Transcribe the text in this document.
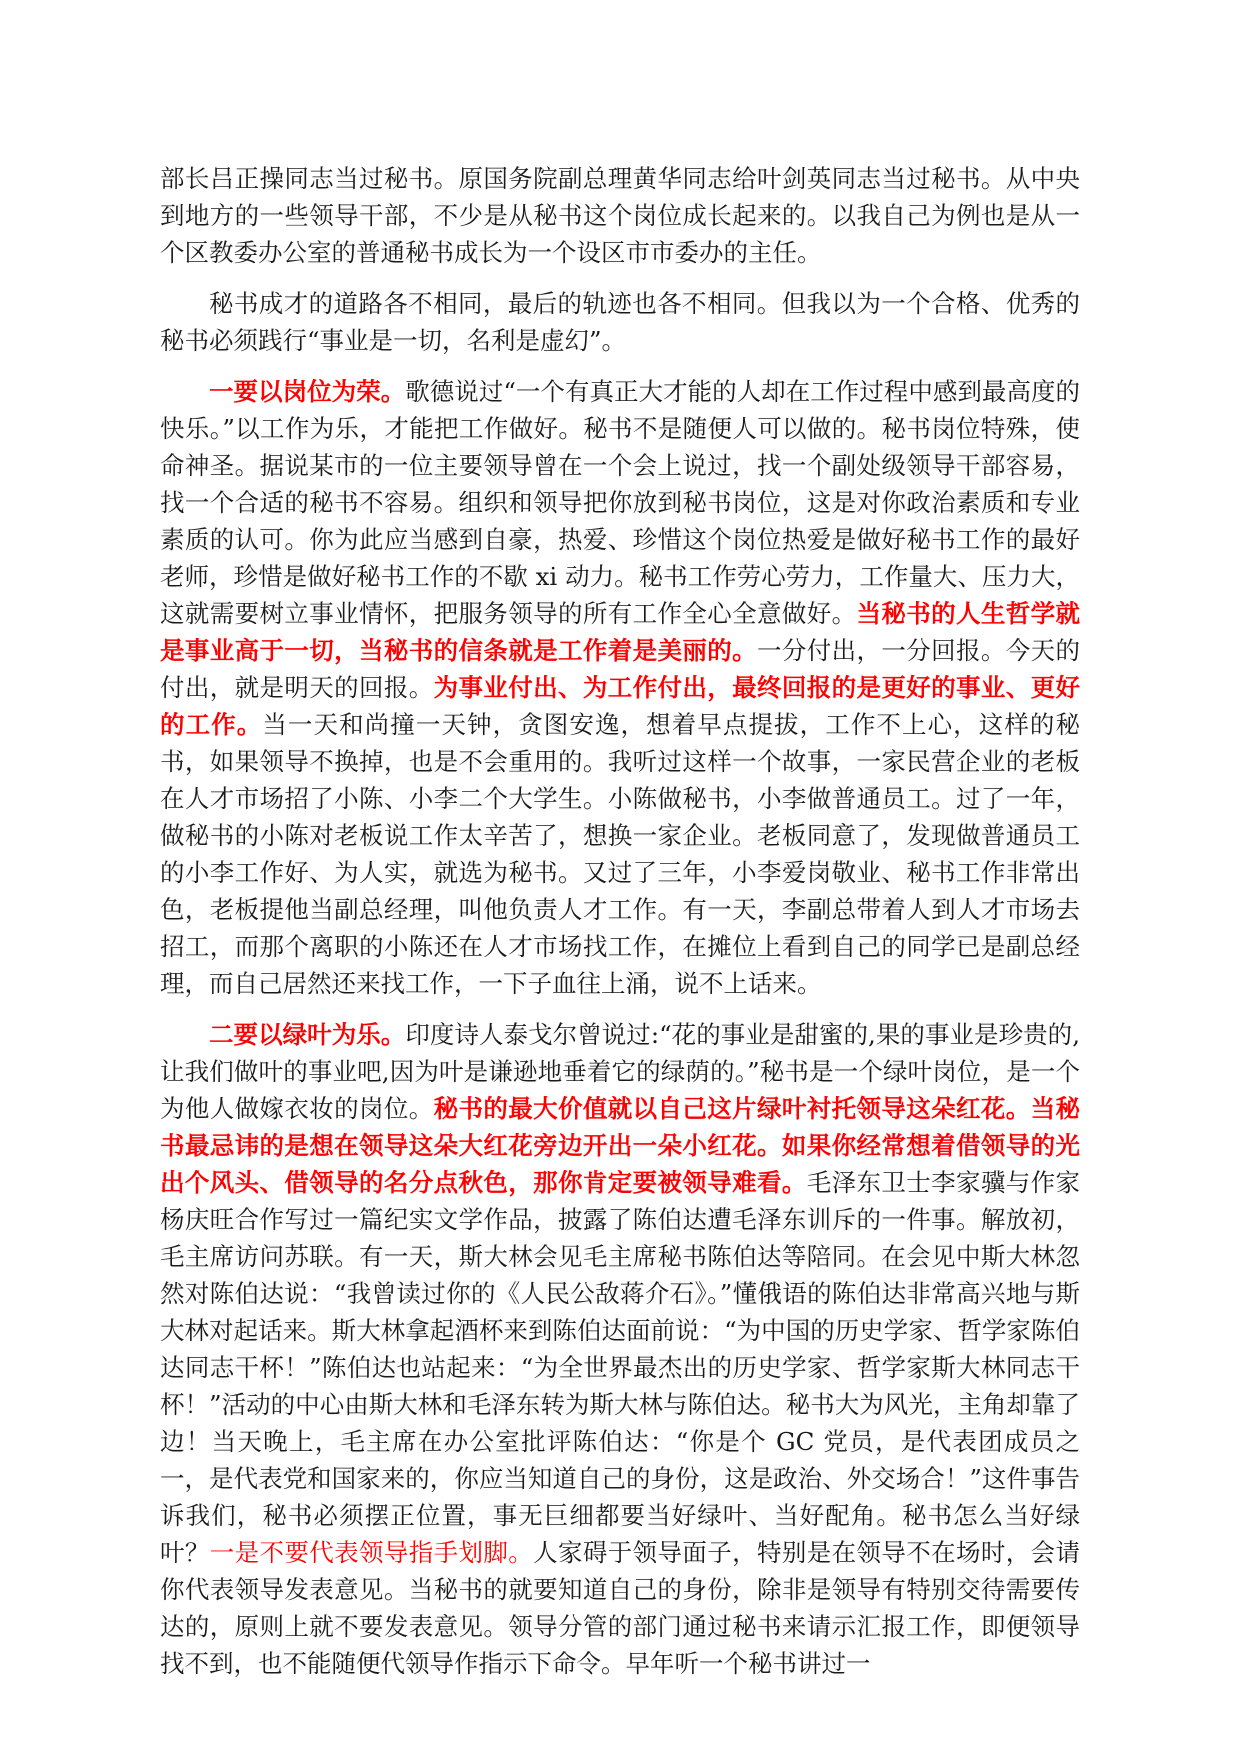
部长吕正操同志当过秘书。原国务院副总理黄华同志给叶剑英同志当过秘书。从中央到地方的一些领导干部，不少是从秘书这个岗位成长起来的。以我自己为例也是从一个区教委办公室的普通秘书成长为一个设区市市委办的主任。

秘书成才的道路各不相同，最后的轨迹也各不相同。但我以为一个合格、优秀的秘书必须践行“事业是一切，名利是虚幻”。

一要以岗位为荣。歌德说过“一个有真正大才能的人却在工作过程中感到最高度的快乐。”以工作为乐，才能把工作做好。秘书不是随便人可以做的。秘书岗位特殊，使命神圣。据说某市的一位主要领导曾在一个会上说过，找一个副处级领导干部容易，找一个合适的秘书不容易。组织和领导把你放到秘书岗位，这是对你政治素质和专业素质的认可。你为此应当感到自豪，热爱、珍惜这个岗位热爱是做好秘书工作的最好老师，珍惜是做好秘书工作的不歇 xi 动力。秘书工作劳心劳力，工作量大、压力大，这就需要树立事业情怀，把服务领导的所有工作全心全意做好。当秘书的人生哲学就是事业高于一切，当秘书的信条就是工作着是美丽的。一分付出，一分回报。今天的付出，就是明天的回报。为事业付出、为工作付出，最终回报的是更好的事业、更好的工作。当一天和尚撞一天钟，贪图安逸，想着早点提拔，工作不上心，这样的秘书，如果领导不换掉，也是不会重用的。我听过这样一个故事，一家民营企业的老板在人才市场招了小陈、小李二个大学生。小陈做秘书，小李做普通员工。过了一年，做秘书的小陈对老板说工作太辛苦了，想换一家企业。老板同意了，发现做普通员工的小李工作好、为人实，就选为秘书。又过了三年，小李爱岗敬业、秘书工作非常出色，老板提他当副总经理，叫他负责人才工作。有一天，李副总带着人到人才市场去招工，而那个离职的小陈还在人才市场找工作，在摊位上看到自己的同学已是副总经理，而自己居然还来找工作，一下子血往上涌，说不上话来。

二要以绿叶为乐。印度诗人泰戈尔曾说过:“花的事业是甜蜜的,果的事业是珍贵的,让我们做叶的事业吧,因为叶是谦逊地垂着它的绿荫的。”秘书是一个绿叶岗位，是一个为他人做嫁衣妆的岗位。秘书的最大价值就以自己这片绿叶衬托领导这朵红花。当秘书最忌讳的是想在领导这朵大红花旁边开出一朵小红花。如果你经常想着借领导的光出个风头、借领导的名分点秋色，那你肯定要被领导难看。毛泽东卫士李家骥与作家杨庆旺合作写过一篇纪实文学作品，披露了陈伯达遭毛泽东训斥的一件事。解放初，毛主席访问苏联。有一天，斯大林会见毛主席秘书陈伯达等陪同。在会见中斯大林忽然对陈伯达说：“我曾读过你的《人民公敌蒋介石》。”懂俄语的陈伯达非常高兴地与斯大林对起话来。斯大林拿起酒杯来到陈伯达面前说：“为中国的历史学家、哲学家陈伯达同志干杯！”陈伯达也站起来：“为全世界最杰出的历史学家、哲学家斯大林同志干杯！”活动的中心由斯大林和毛泽东转为斯大林与陈伯达。秘书大为风光，主角却靠了边！当天晚上，毛主席在办公室批评陈伯达：“你是个 GC 党员，是代表团成员之一，是代表党和国家来的，你应当知道自己的身份，这是政治、外交场合！”这件事告诉我们，秘书必须摆正位置，事无巨细都要当好绿叶、当好配角。秘书怎么当好绿叶？一是不要代表领导指手划脚。人家碍于领导面子，特别是在领导不在场时，会请你代表领导发表意见。当秘书的就要知道自己的身份，除非是领导有特别交待需要传达的，原则上就不要发表意见。领导分管的部门通过秘书来请示汇报工作，即便领导找不到，也不能随便代领导作指示下命令。早年听一个秘书讲过一
